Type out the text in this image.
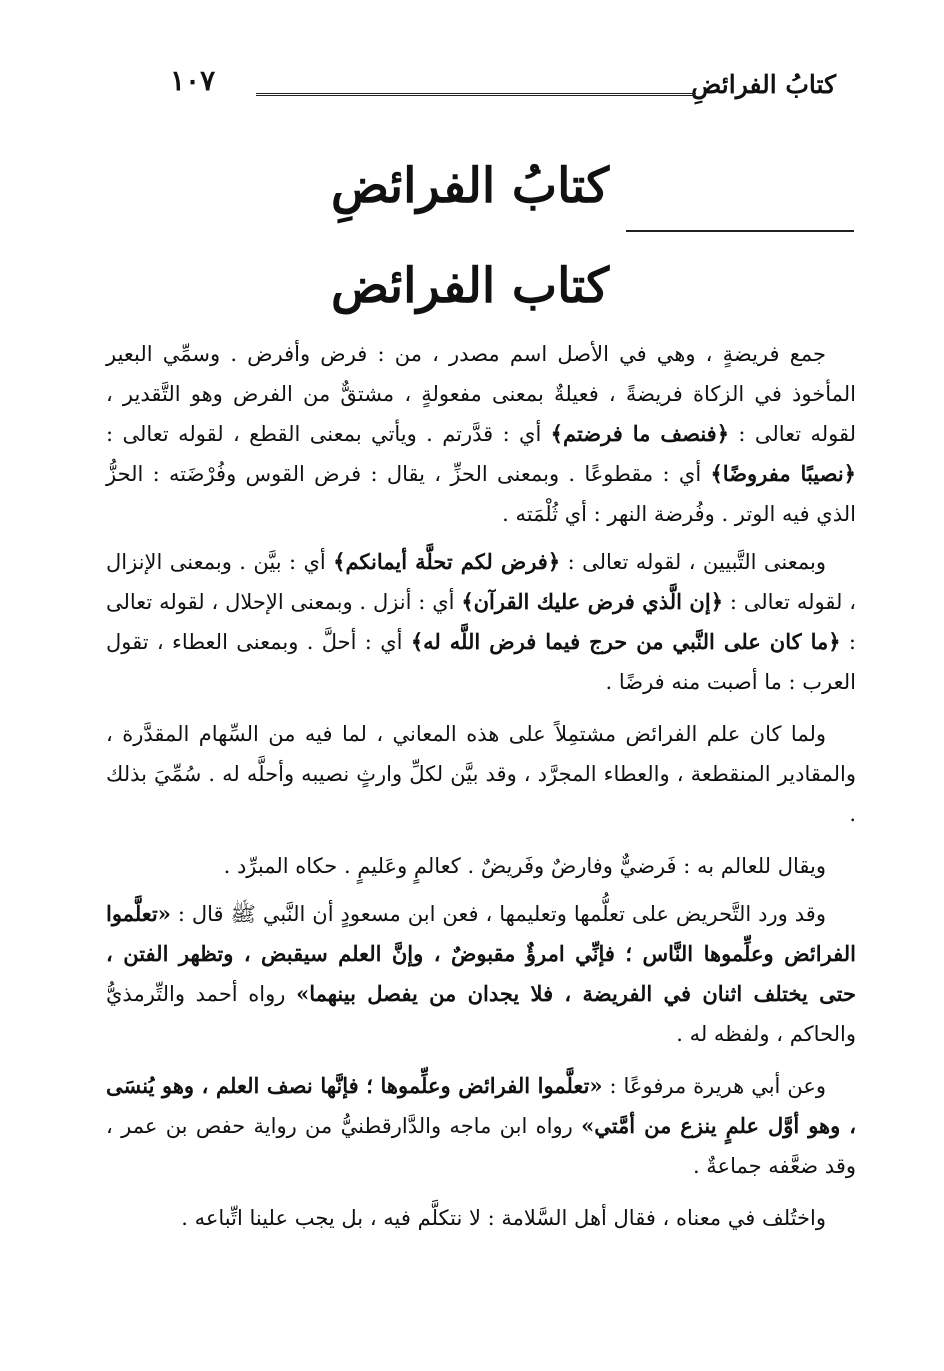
كتابُ الفرائضِ
١٠٧
كتابُ الفرائضِ
كتاب الفرائض

جمع فريضةٍ ، وهي في الأصل اسم مصدر ، من : فرض وأفرض . وسمِّي البعير المأخوذ في الزكاة فريضةً ، فعيلةٌ بمعنى مفعولةٍ ، مشتقٌّ من الفرض وهو التَّقدير ، لقوله تعالى : ﴿فنصف ما فرضتم﴾ أي : قدَّرتم . ويأتي بمعنى القطع ، لقوله تعالى : ﴿نصيبًا مفروضًا﴾ أي : مقطوعًا . وبمعنى الحزِّ ، يقال : فرض القوس وفُرْضَته : الحزُّ الذي فيه الوتر . وفُرضة النهر : أي ثُلْمَته .

وبمعنى التَّبيين ، لقوله تعالى : ﴿فرض لكم تحلَّة أيمانكم﴾ أي : بيَّن . وبمعنى الإنزال ، لقوله تعالى : ﴿إن الَّذي فرض عليك القرآن﴾ أي : أنزل . وبمعنى الإحلال ، لقوله تعالى : ﴿ما كان على النَّبي من حرج فيما فرض اللَّه له﴾ أي : أحلَّ . وبمعنى العطاء ، تقول العرب : ما أصبت منه فرضًا .

ولما كان علم الفرائض مشتمِلاً على هذه المعاني ، لما فيه من السِّهام المقدَّرة ، والمقادير المنقطعة ، والعطاء المجرَّد ، وقد بيَّن لكلِّ وارثٍ نصيبه وأحلَّه له . سُمِّيَ بذلك .

ويقال للعالم به : فَرضيٌّ وفارضٌ وفَريضٌ . كعالمٍ وعَليمٍ . حكاه المبرِّد .

وقد ورد التَّحريض على تعلُّمها وتعليمها ، فعن ابن مسعودٍ أن النَّبي ﷺ قال : «تعلَّموا الفرائض وعلِّموها النَّاس ؛ فإنِّي امرؤٌ مقبوضٌ ، وإنَّ العلم سيقبض ، وتظهر الفتن ، حتى يختلف اثنان في الفريضة ، فلا يجدان من يفصل بينهما» رواه أحمد والتِّرمذيُّ والحاكم ، ولفظه له .

وعن أبي هريرة مرفوعًا : «تعلَّموا الفرائض وعلِّموها ؛ فإنَّها نصف العلم ، وهو يُنسَى ، وهو أوَّل علمٍ ينزع من أمَّتي» رواه ابن ماجه والدَّارقطنيُّ من رواية حفص بن عمر ، وقد ضعَّفه جماعةٌ .

واختُلف في معناه ، فقال أهل السَّلامة : لا نتكلَّم فيه ، بل يجب علينا اتِّباعه .
